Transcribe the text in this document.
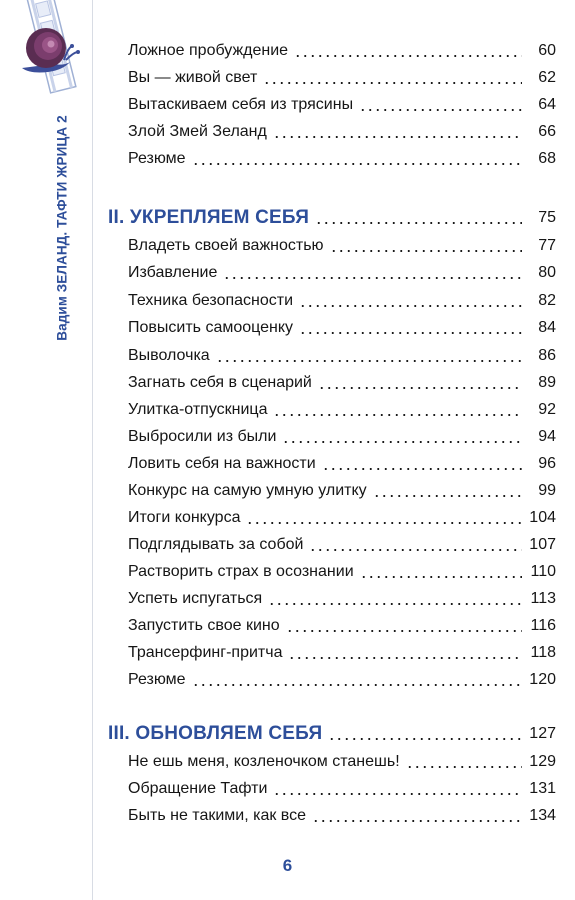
Вадим ЗЕЛАНД. ТАФТИ ЖРИЦА 2
Ложное пробуждение	60
Вы — живой свет	62
Вытаскиваем себя из трясины	64
Злой Змей Зеланд	66
Резюме	68
II. УКРЕПЛЯЕМ СЕБЯ	75
Владеть своей важностью	77
Избавление	80
Техника безопасности	82
Повысить самооценку	84
Выволочка	86
Загнать себя в сценарий	89
Улитка-отпускница	92
Выбросили из были	94
Ловить себя на важности	96
Конкурс на самую умную улитку	99
Итоги конкурса	104
Подглядывать за собой	107
Растворить страх в осознании	110
Успеть испугаться	113
Запустить свое кино	116
Трансерфинг-притча	118
Резюме	120
III. ОБНОВЛЯЕМ СЕБЯ	127
Не ешь меня, козленочком станешь!	129
Обращение Тафти	131
Быть не такими, как все	134
6
